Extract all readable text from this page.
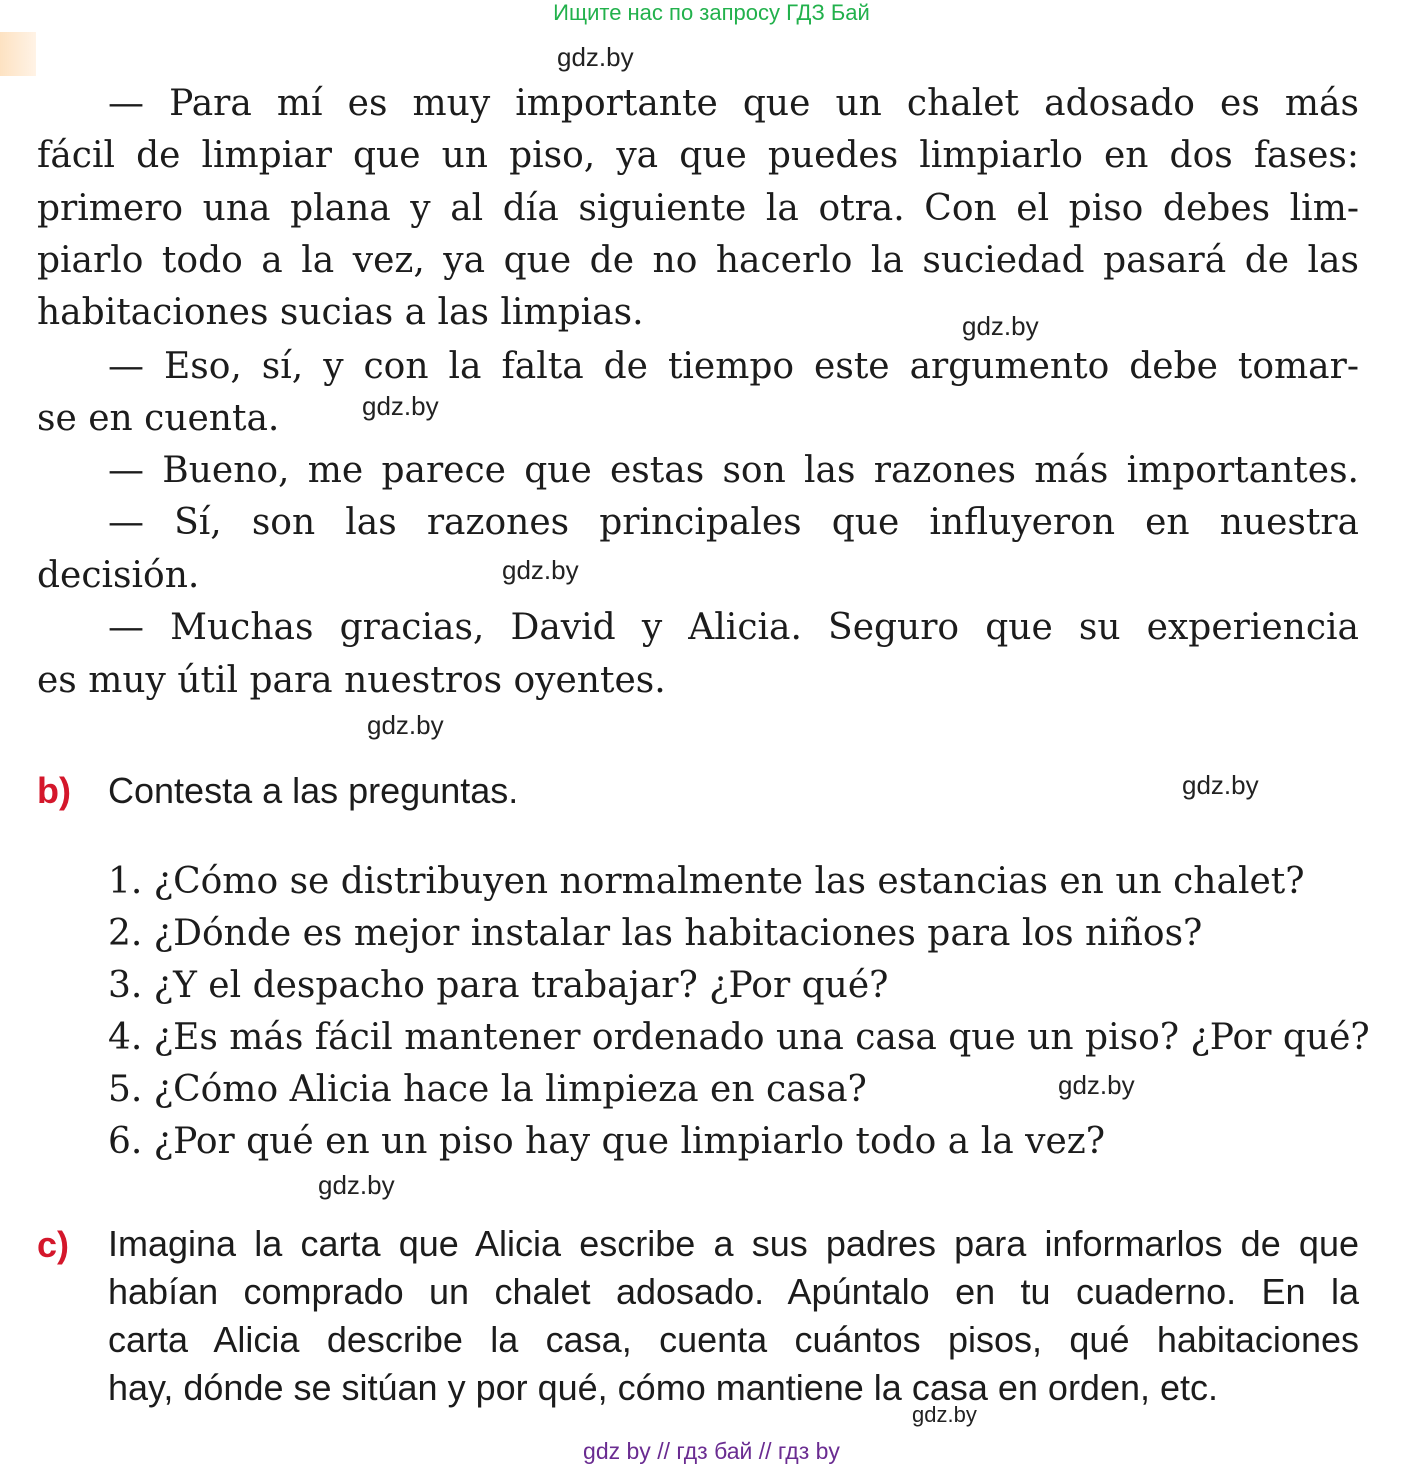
Ищите нас по запросу ГДЗ Бай
gdz.by
gdz.by
gdz.by
gdz.by
gdz.by
gdz.by
gdz.by
gdz.by
gdz.by
— Para mí es muy importante que un chalet adosado es más
fácil de limpiar que un piso, ya que puedes limpiarlo en dos fases:
primero una plana y al día siguiente la otra. Con el piso debes lim-
piarlo todo a la vez, ya que de no hacerlo la suciedad pasará de las
habitaciones sucias a las limpias.
— Eso, sí, y con la falta de tiempo este argumento debe tomar-
se en cuenta.
— Bueno, me parece que estas son las razones más importantes.
— Sí, son las razones principales que influyeron en nuestra
decisión.
— Muchas gracias, David y Alicia. Seguro que su experiencia
es muy útil para nuestros oyentes.
b) Contesta a las preguntas.
1. ¿Cómo se distribuyen normalmente las estancias en un chalet?
2. ¿Dónde es mejor instalar las habitaciones para los niños?
3. ¿Y el despacho para trabajar? ¿Por qué?
4. ¿Es más fácil mantener ordenado una casa que un piso? ¿Por qué?
5. ¿Cómo Alicia hace la limpieza en casa?
6. ¿Por qué en un piso hay que limpiarlo todo a la vez?
c) Imagina la carta que Alicia escribe a sus padres para informarlos de que
habían comprado un chalet adosado. Apúntalo en tu cuaderno. En la
carta Alicia describe la casa, cuenta cuántos pisos, qué habitaciones
hay, dónde se sitúan y por qué, cómo mantiene la casa en orden, etc.
gdz by // гдз бай // гдз by
